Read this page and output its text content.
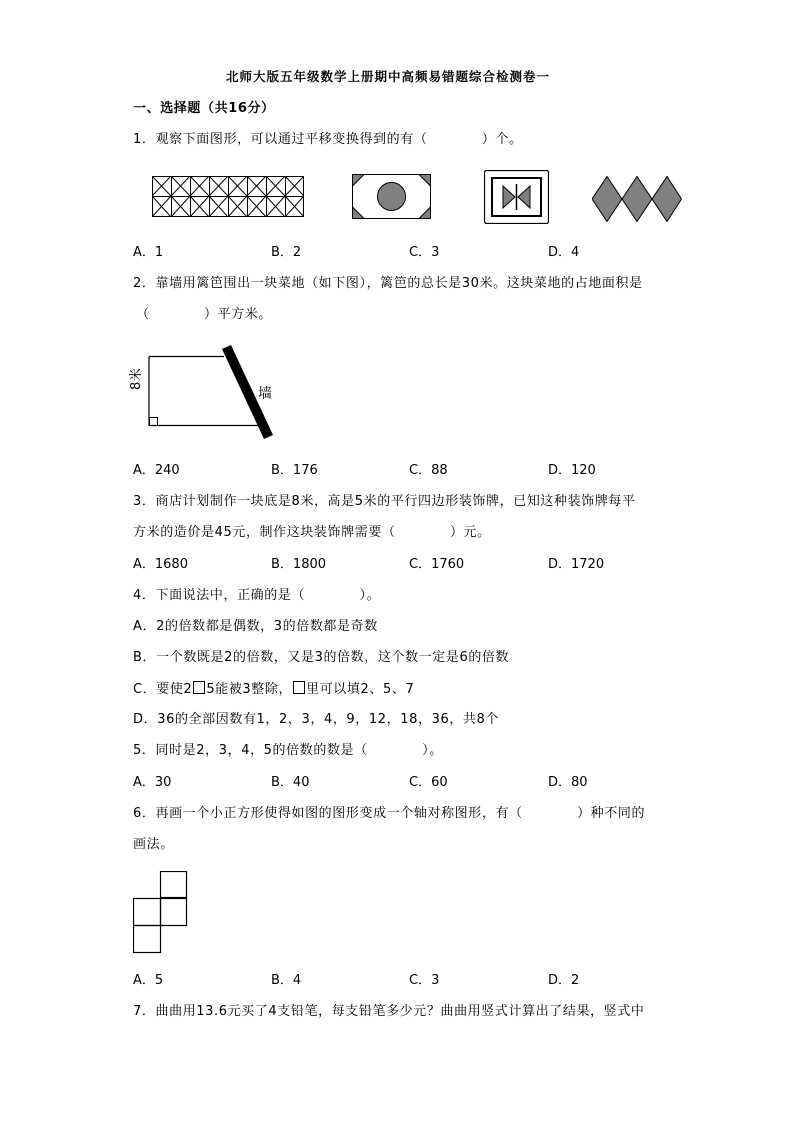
北师大版五年级数学上册期中高频易错题综合检测卷一
一、选择题（共16分）
1．观察下面图形，可以通过平移变换得到的有（　　　　）个。
A．1	B．2	C．3	D．4
2．靠墙用篱笆围出一块菜地（如下图），篱笆的总长是30米。这块菜地的占地面积是
（　　　　）平方米。
8米
墙
A．240	B．176	C．88	D．120
3．商店计划制作一块底是8米，高是5米的平行四边形装饰牌，已知这种装饰牌每平
方米的造价是45元，制作这块装饰牌需要（　　　　）元。
A．1680	B．1800	C．1760	D．1720
4．下面说法中，正确的是（　　　　）。
A．2的倍数都是偶数，3的倍数都是奇数
B．一个数既是2的倍数，又是3的倍数，这个数一定是6的倍数
C．要使2 5能被3整除， 里可以填2、5、7
D．36的全部因数有1，2，3，4，9，12，18，36，共8个
5．同时是2，3，4，5的倍数的数是（　　　　）。
A．30	B．40	C．60	D．80
6．再画一个小正方形使得如图的图形变成一个轴对称图形，有（　　　　）种不同的
画法。
A．5	B．4	C．3	D．2
7．曲曲用13.6元买了4支铅笔，每支铅笔多少元？曲曲用竖式计算出了结果，竖式中
